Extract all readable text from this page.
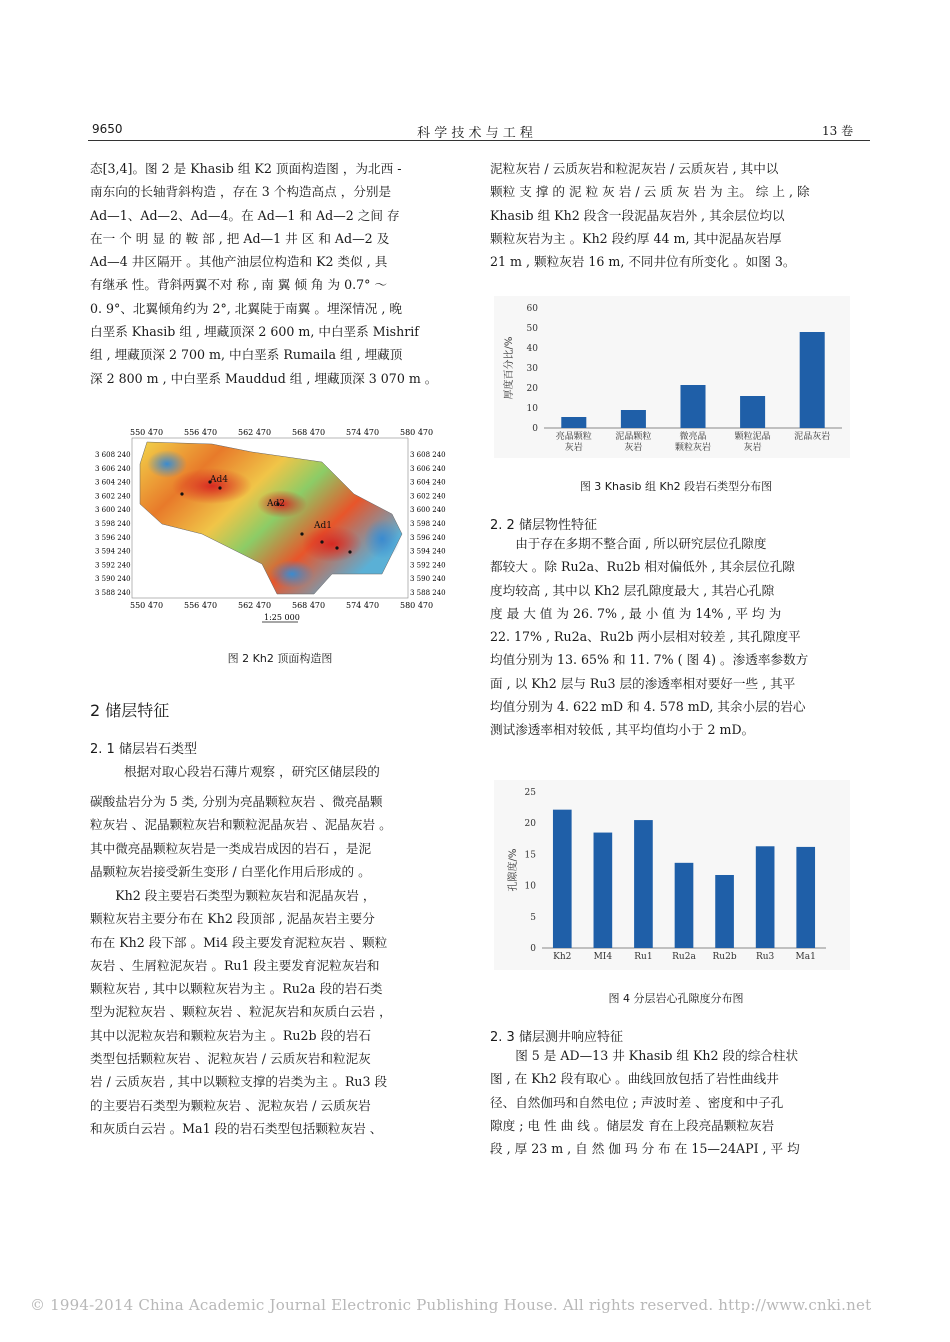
9650	科 学 技 术 与 工 程	13 卷

态[3,4]。图 2 是 Khasib 组 K2 顶面构造图 ，为北西 -
南东向的长轴背斜构造 ，存在 3 个构造高点 ，分别是
Ad—1、Ad—2、Ad—4。在 Ad—1 和 Ad—2 之间 存
在一 个 明 显 的 鞍 部 , 把 Ad—1 井 区 和 Ad—2 及
Ad—4 井区隔开 。其他产油层位构造和 K2 类似 , 具
有继承 性。背斜两翼不对 称 , 南 翼 倾 角 为 0.7° ～
0. 9°、北翼倾角约为 2°, 北翼陡于南翼 。埋深情况 , 晚
白垩系 Khasib 组 , 埋藏顶深 2 600 m, 中白垩系 Mishrif
组 , 埋藏顶深 2 700 m, 中白垩系 Rumaila 组 , 埋藏顶
深 2 800 m , 中白垩系 Mauddud 组 , 埋藏顶深 3 070 m 。

Ad4
Ad2
Ad1
550 470	556 470	562 470	568 470	574 470	580 470
550 470	556 470	562 470	568 470	574 470	580 470
3 608 240
3 606 240
3 604 240
3 602 240
3 600 240
3 598 240
3 596 240
3 594 240
3 592 240
3 590 240
3 588 240
3 608 240
3 606 240
3 604 240
3 602 240
3 600 240
3 598 240
3 596 240
3 594 240
3 592 240
3 590 240
3 588 240
1:25 000
图 2 Kh2 顶面构造图
2 储层特征
2. 1 储层岩石类型

根据对取心段岩石薄片观察 ，研究区储层段的

碳酸盐岩分为 5 类, 分别为亮晶颗粒灰岩 、微亮晶颗
粒灰岩 、泥晶颗粒灰岩和颗粒泥晶灰岩 、泥晶灰岩 。
其中微亮晶颗粒灰岩是一类成岩成因的岩石 ，是泥
晶颗粒灰岩接受新生变形 / 白垩化作用后形成的 。

Kh2 段主要岩石类型为颗粒灰岩和泥晶灰岩 ，
颗粒灰岩主要分布在 Kh2 段顶部 , 泥晶灰岩主要分
布在 Kh2 段下部 。Mi4 段主要发育泥粒灰岩 、颗粒
灰岩 、生屑粒泥灰岩 。Ru1 段主要发育泥粒灰岩和
颗粒灰岩 , 其中以颗粒灰岩为主 。Ru2a 段的岩石类
型为泥粒灰岩 、颗粒灰岩 、粒泥灰岩和灰质白云岩 ，
其中以泥粒灰岩和颗粒灰岩为主 。Ru2b 段的岩石
类型包括颗粒灰岩 、泥粒灰岩 / 云质灰岩和粒泥灰
岩 / 云质灰岩 , 其中以颗粒支撑的岩类为主 。Ru3 段
的主要岩石类型为颗粒灰岩 、泥粒灰岩 / 云质灰岩
和灰质白云岩 。Ma1 段的岩石类型包括颗粒灰岩 、

泥粒灰岩 / 云质灰岩和粒泥灰岩 / 云质灰岩 , 其中以
颗粒 支 撑 的 泥 粒 灰 岩 / 云 质 灰 岩 为 主。 综 上 , 除
Khasib 组 Kh2 段含一段泥晶灰岩外 , 其余层位均以
颗粒灰岩为主 。Kh2 段约厚 44 m, 其中泥晶灰岩厚
21 m , 颗粒灰岩 16 m, 不同井位有所变化 。如图 3。

0
10
20
30
40
50
60
厚度百分比/%
亮晶颗粒
灰岩
泥晶颗粒
灰岩
微亮晶
颗粒灰岩
颗粒泥晶
灰岩
泥晶灰岩
图 3 Khasib 组 Kh2 段岩石类型分布图
2. 2 储层物性特征

由于存在多期不整合面 , 所以研究层位孔隙度
都较大 。除 Ru2a、Ru2b 相对偏低外 , 其余层位孔隙
度均较高 , 其中以 Kh2 层孔隙度最大 , 其岩心孔隙
度 最 大 值 为 26. 7% , 最 小 值 为 14% , 平 均 为
22. 17% , Ru2a、Ru2b 两小层相对较差 , 其孔隙度平
均值分别为 13. 65% 和 11. 7% ( 图 4) 。渗透率参数方
面 , 以 Kh2 层与 Ru3 层的渗透率相对要好一些 , 其平
均值分别为 4. 622 mD 和 4. 578 mD, 其余小层的岩心
测试渗透率相对较低 , 其平均值均小于 2 mD。

0
5
10
15
20
25
孔隙度/%
Kh2 MI4 Ru1 Ru2a Ru2b Ru3 Ma1
图 4 分层岩心孔隙度分布图
2. 3 储层测井响应特征

图 5 是 AD—13 井 Khasib 组 Kh2 段的综合柱状
图 , 在 Kh2 段有取心 。曲线回放包括了岩性曲线井
径、自然伽玛和自然电位 ; 声波时差 、密度和中子孔
隙度 ; 电 性 曲 线 。储层发 育在上段亮晶颗粒灰岩
段 , 厚 23 m , 自 然 伽 玛 分 布 在 15—24API , 平 均

© 1994-2014 China Academic Journal Electronic Publishing House. All rights reserved. http://www.cnki.net
